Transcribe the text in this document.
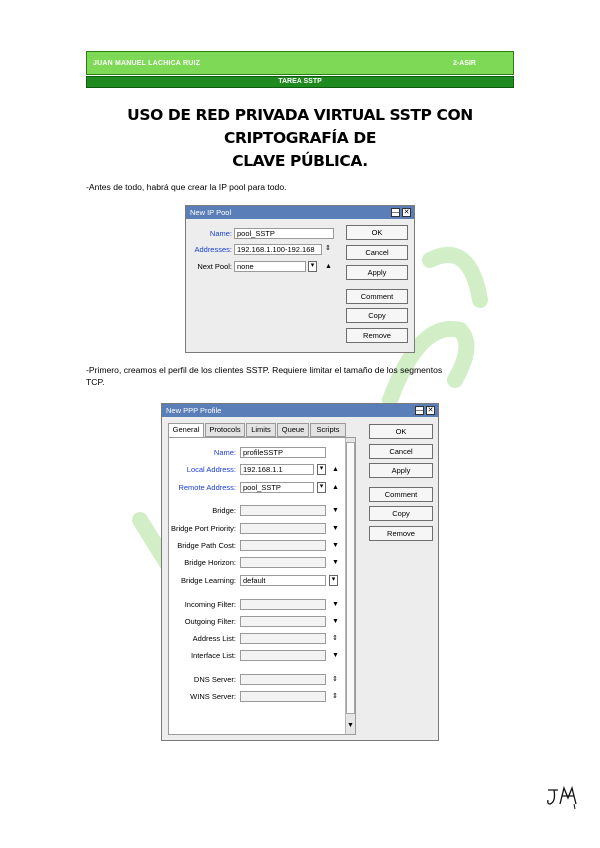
JUAN MANUEL LACHICA RUIZ	2-ASIR
TAREA SSTP
USO DE RED PRIVADA VIRTUAL SSTP CON CRIPTOGRAFÍA DE
CLAVE PÚBLICA.
-Antes de todo, habrá que crear la IP pool para todo.
New IP Pool	— ✕
Name: pool_SSTP
Addresses: 192.168.1.100-192.168	⇕
Next Pool: none	▾	▲
OK
Cancel
Apply
Comment
Copy
Remove
-Primero, creamos el perfil de los clientes SSTP. Requiere limitar el tamaño de los segmentos
TCP.
New PPP Profile	— ✕
General	Protocols	Limits	Queue	Scripts
Name: profileSSTP
Local Address: 192.168.1.1	▾	▲
Remote Address: pool_SSTP	▾	▲
Bridge:	▼
Bridge Port Priority:	▼
Bridge Path Cost:	▼
Bridge Horizon:	▼
Bridge Learning: default	▾
Incoming Filter:	▼
Outgoing Filter:	▼
Address List:	⇕
Interface List:	▼
DNS Server:	⇕
WINS Server:	⇕
▼
OK
Cancel
Apply
Comment
Copy
Remove
